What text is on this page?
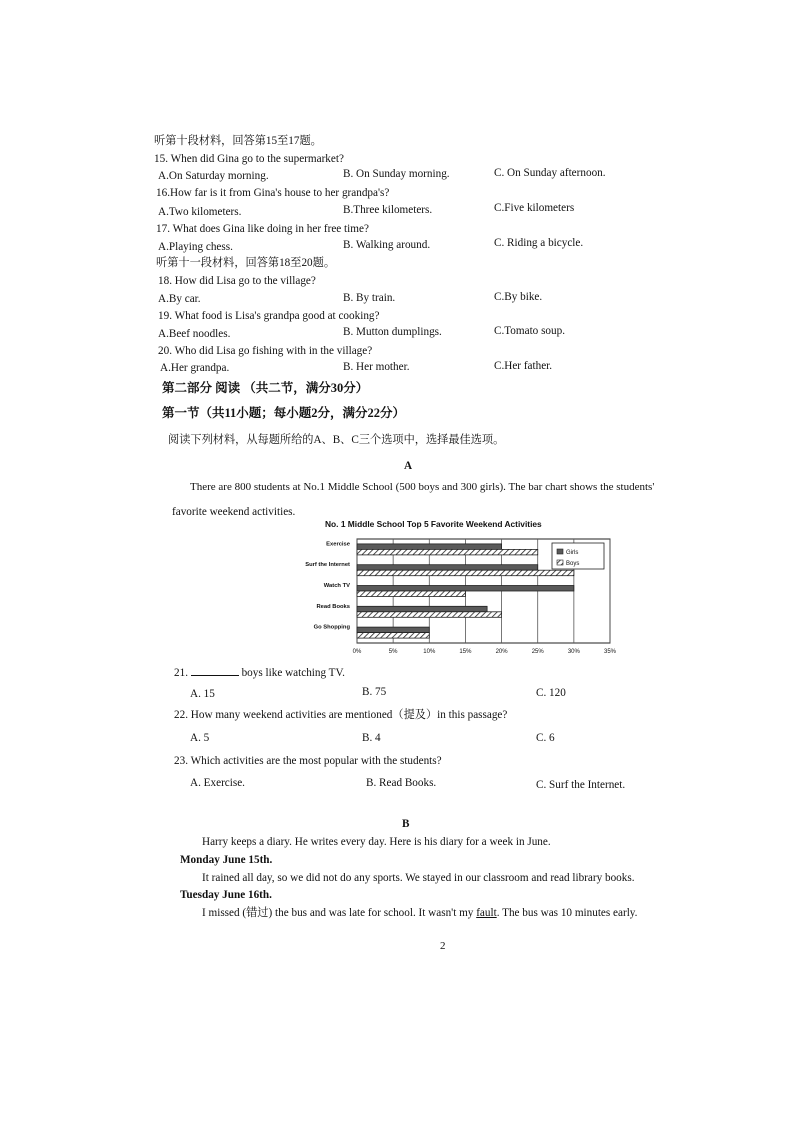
听第十段材料，回答第15至17题。
15. When did Gina go to the supermarket?
A.On Saturday morning.	B. On Sunday morning.	C. On Sunday afternoon.
16.How far is it from Gina's house to her grandpa's?
A.Two kilometers.	B.Three kilometers.	C.Five kilometers
17. What does Gina like doing in her free time?
A.Playing chess.	B. Walking around.	C. Riding a bicycle.
听第十一段材料，回答第18至20题。
18. How did Lisa go to the village?
A.By car.	B. By train.	C.By bike.
19. What food is Lisa's grandpa good at cooking?
A.Beef noodles.	B. Mutton dumplings.	C.Tomato soup.
20. Who did Lisa go fishing with in the village?
A.Her grandpa.	B. Her mother.	C.Her father.
第二部分 阅读 （共二节，满分30分）
第一节（共11小题；每小题2分，满分22分）
阅读下列材料，从每题所给的A、B、C三个选项中，选择最佳选项。
A
There are 800 students at No.1 Middle School (500 boys and 300 girls). The bar chart shows the students'
favorite weekend activities.
No. 1 Middle School Top 5 Favorite Weekend Activities
0%	5%	10%	15%	20%	25%	30%	35%
Exercise
Surf the Internet
Watch TV
Read Books
Go Shopping
Girls
Boys
21.	boys like watching TV.
A. 15	B. 75	C. 120
22. How many weekend activities are mentioned（提及）in this passage?
A. 5	B. 4	C. 6
23. Which activities are the most popular with the students?
A. Exercise.	B. Read Books.	C. Surf the Internet.
B
Harry keeps a diary. He writes every day. Here is his diary for a week in June.
Monday June 15th.
It rained all day, so we did not do any sports. We stayed in our classroom and read library books.
Tuesday June 16th.
I missed (错过) the bus and was late for school. It wasn't my fault. The bus was 10 minutes early.
2
